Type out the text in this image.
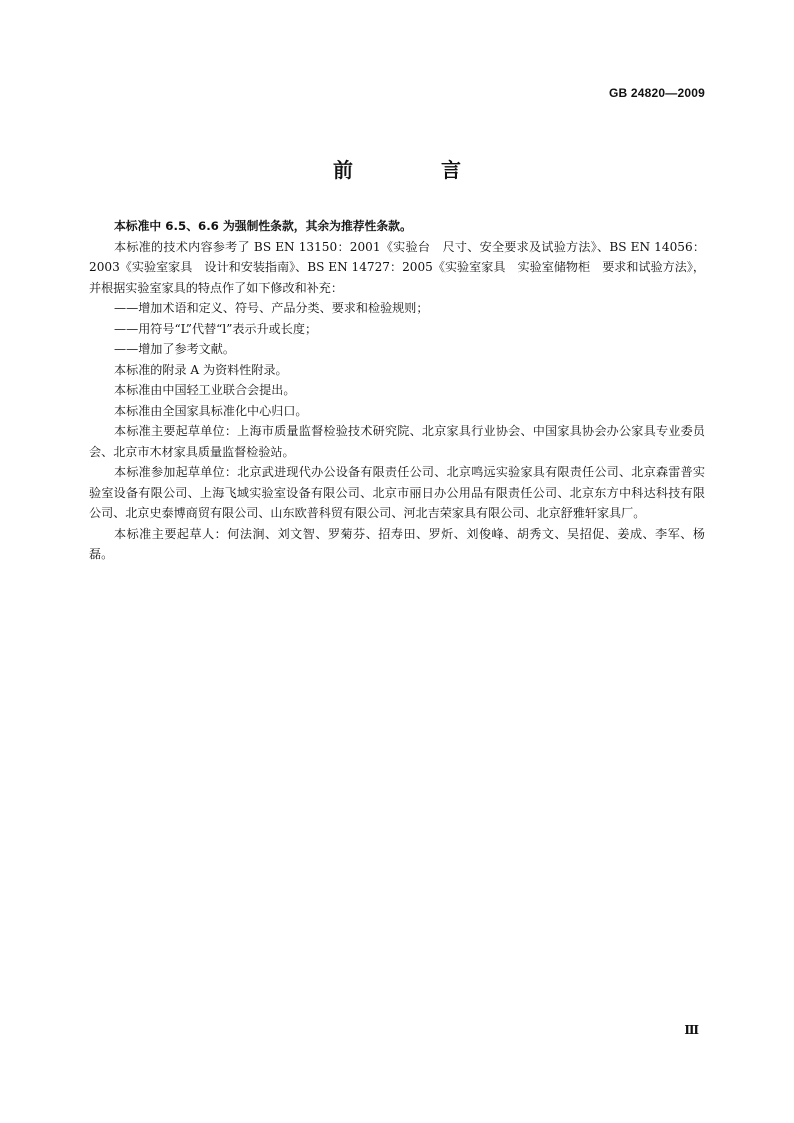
GB 24820—2009
前　言

本标准中 6.5、6.6 为强制性条款，其余为推荐性条款。

本标准的技术内容参考了 BS EN 13150：2001《实验台　尺寸、安全要求及试验方法》、BS EN 14056：2003《实验室家具　设计和安装指南》、BS EN 14727：2005《实验室家具　实验室储物柜　要求和试验方法》，并根据实验室家具的特点作了如下修改和补充：

——增加术语和定义、符号、产品分类、要求和检验规则；

——用符号“L”代替“l”表示升或长度；

——增加了参考文献。

本标准的附录 A 为资料性附录。

本标准由中国轻工业联合会提出。

本标准由全国家具标准化中心归口。

本标准主要起草单位：上海市质量监督检验技术研究院、北京家具行业协会、中国家具协会办公家具专业委员会、北京市木材家具质量监督检验站。

本标准参加起草单位：北京武进现代办公设备有限责任公司、北京鸣远实验家具有限责任公司、北京森雷普实验室设备有限公司、上海飞域实验室设备有限公司、北京市丽日办公用品有限责任公司、北京东方中科达科技有限公司、北京史泰博商贸有限公司、山东欧普科贸有限公司、河北吉荣家具有限公司、北京舒雅轩家具厂。

本标准主要起草人：何法涧、刘文智、罗菊芬、招寿田、罗炘、刘俊峰、胡秀文、吴招促、姜成、李军、杨磊。

Ⅲ
